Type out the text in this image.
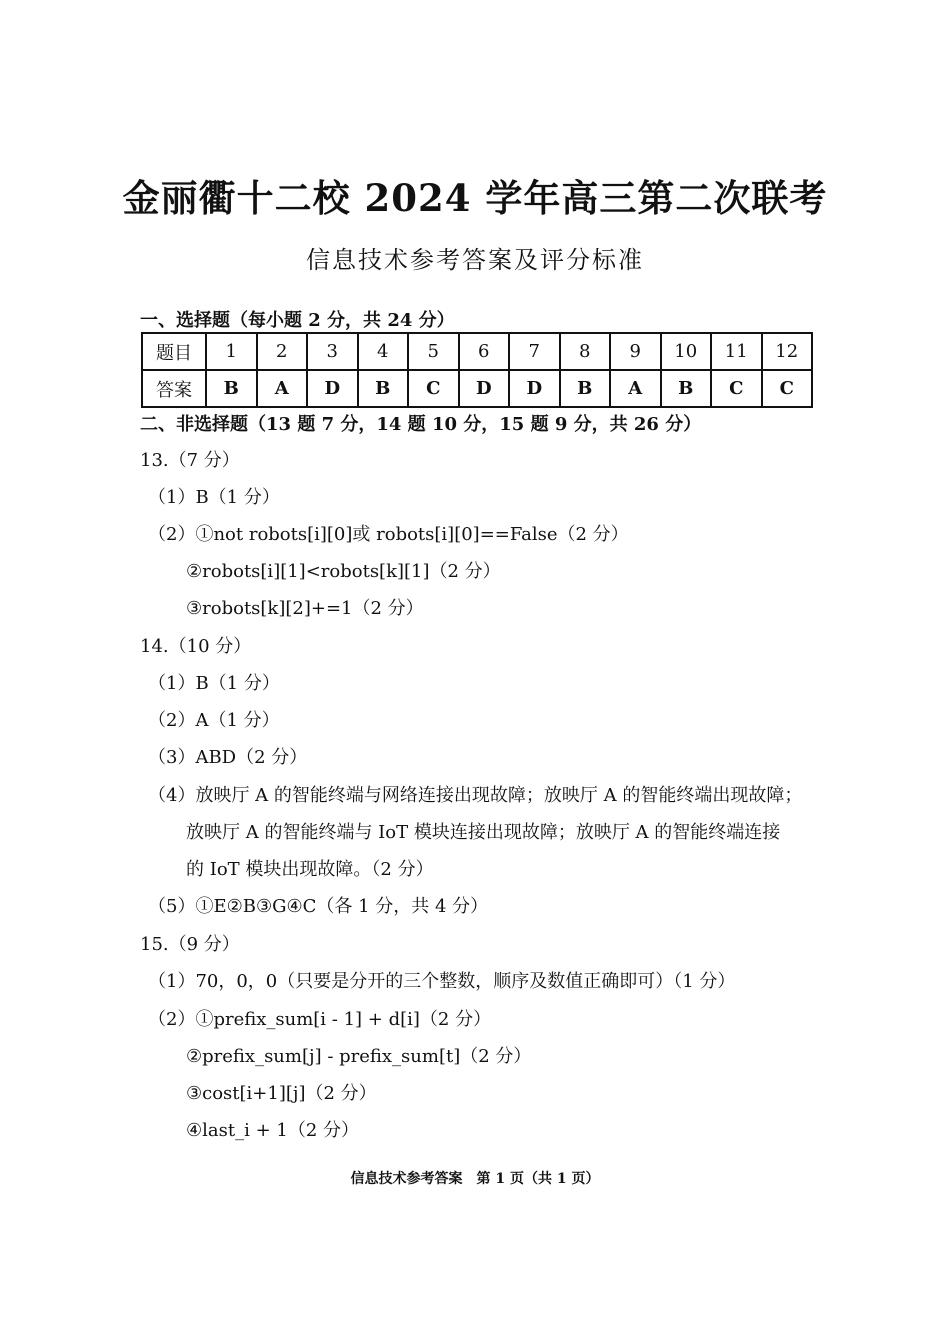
金丽衢十二校 2024 学年高三第二次联考
信息技术参考答案及评分标准
一、选择题（每小题 2 分，共 24 分）
题目	1	2	3	4	5	6	7	8	9	10	11	12
答案	B	A	D	B	C	D	D	B	A	B	C	C
二、非选择题（13 题 7 分，14 题 10 分，15 题 9 分，共 26 分）
13.（7 分）
（1）B（1 分）
（2）①not robots[i][0]或 robots[i][0]==False（2 分）
②robots[i][1]<robots[k][1]（2 分）
③robots[k][2]+=1（2 分）
14.（10 分）
（1）B（1 分）
（2）A（1 分）
（3）ABD（2 分）
（4）放映厅 A 的智能终端与网络连接出现故障；放映厅 A 的智能终端出现故障；
放映厅 A 的智能终端与 IoT 模块连接出现故障；放映厅 A 的智能终端连接
的 IoT 模块出现故障。（2 分）
（5）①E②B③G④C（各 1 分，共 4 分）
15.（9 分）
（1）70，0，0（只要是分开的三个整数，顺序及数值正确即可）（1 分）
（2）①prefix_sum[i - 1] + d[i]（2 分）
②prefix_sum[j] - prefix_sum[t]（2 分）
③cost[i+1][j]（2 分）
④last_i + 1（2 分）
信息技术参考答案　第 1 页（共 1 页）
